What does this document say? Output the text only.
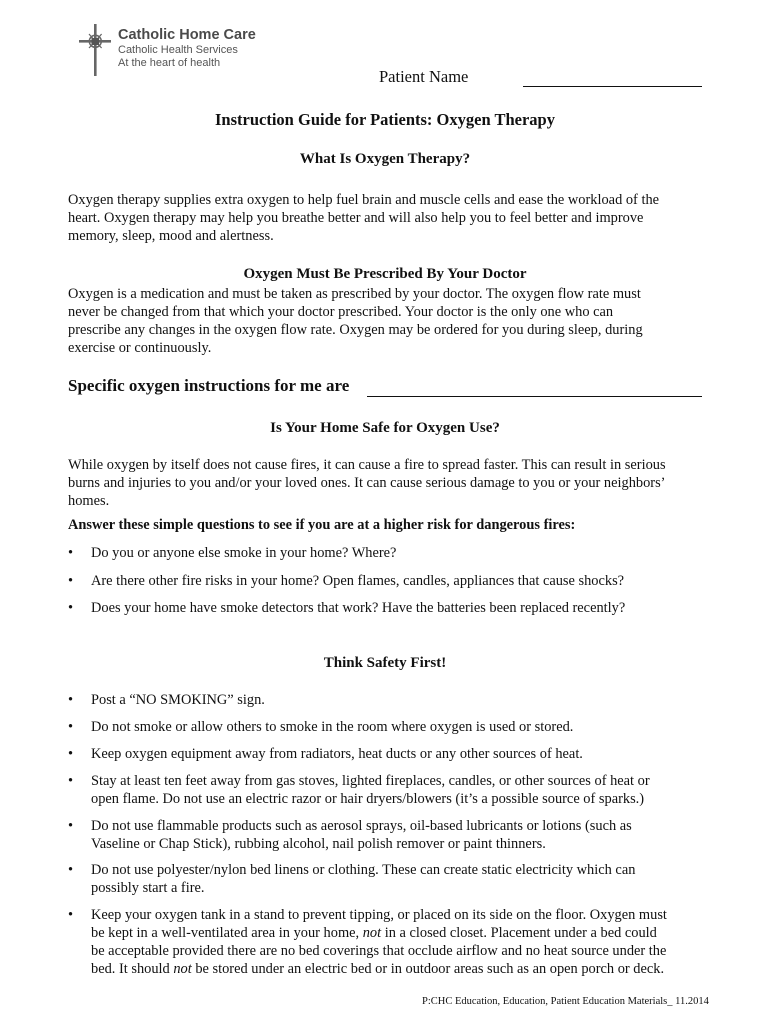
Catholic Home Care
Catholic Health Services
At the heart of health
Patient Name
Instruction Guide for Patients: Oxygen Therapy
What Is Oxygen Therapy?
Oxygen therapy supplies extra oxygen to help fuel brain and muscle cells and ease the workload of the
heart. Oxygen therapy may help you breathe better and will also help you to feel better and improve
memory, sleep, mood and alertness.
Oxygen Must Be Prescribed By Your Doctor
Oxygen is a medication and must be taken as prescribed by your doctor. The oxygen flow rate must
never be changed from that which your doctor prescribed. Your doctor is the only one who can
prescribe any changes in the oxygen flow rate. Oxygen may be ordered for you during sleep, during
exercise or continuously.
Specific oxygen instructions for me are
Is Your Home Safe for Oxygen Use?
While oxygen by itself does not cause fires, it can cause a fire to spread faster. This can result in serious
burns and injuries to you and/or your loved ones. It can cause serious damage to you or your neighbors’
homes.
Answer these simple questions to see if you are at a higher risk for dangerous fires:
•	Do you or anyone else smoke in your home? Where?
•	Are there other fire risks in your home? Open flames, candles, appliances that cause shocks?
•	Does your home have smoke detectors that work? Have the batteries been replaced recently?
Think Safety First!
•	Post a “NO SMOKING” sign.
•	Do not smoke or allow others to smoke in the room where oxygen is used or stored.
•	Keep oxygen equipment away from radiators, heat ducts or any other sources of heat.
•	Stay at least ten feet away from gas stoves, lighted fireplaces, candles, or other sources of heat or
open flame. Do not use an electric razor or hair dryers/blowers (it’s a possible source of sparks.)
•	Do not use flammable products such as aerosol sprays, oil-based lubricants or lotions (such as
Vaseline or Chap Stick), rubbing alcohol, nail polish remover or paint thinners.
•	Do not use polyester/nylon bed linens or clothing. These can create static electricity which can
possibly start a fire.
•	Keep your oxygen tank in a stand to prevent tipping, or placed on its side on the floor. Oxygen must
be kept in a well-ventilated area in your home, not in a closed closet. Placement under a bed could
be acceptable provided there are no bed coverings that occlude airflow and no heat source under the
bed. It should not be stored under an electric bed or in outdoor areas such as an open porch or deck.
P:CHC Education, Education, Patient Education Materials_ 11.2014
